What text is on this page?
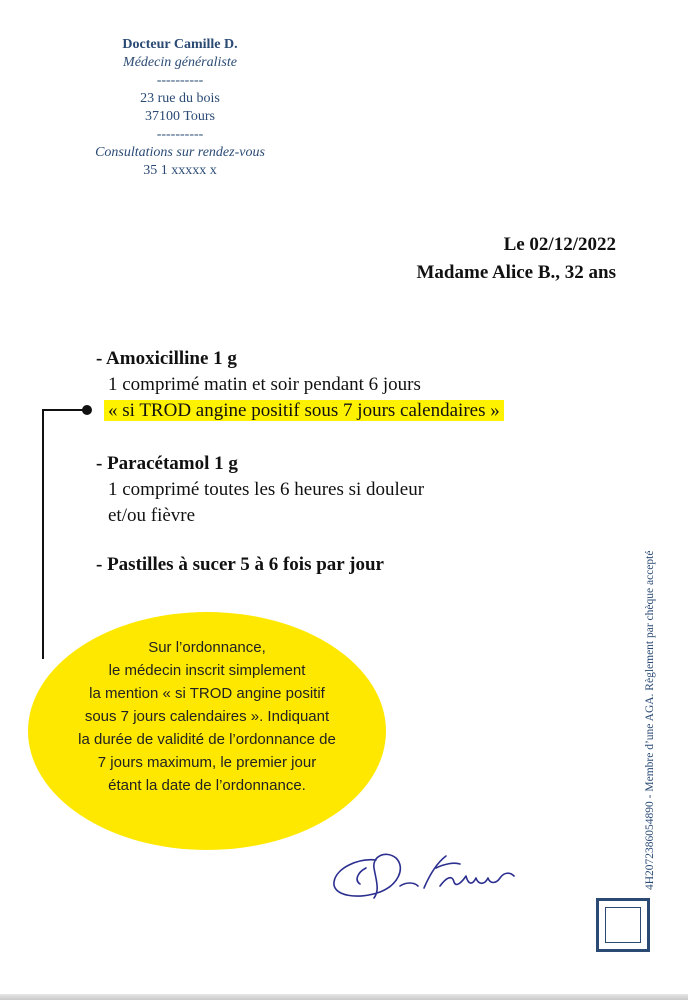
Docteur Camille D.
Médecin généraliste
----------
23 rue du bois
37100 Tours
----------
Consultations sur rendez-vous
35 1 xxxxx x
Le 02/12/2022
Madame Alice B., 32 ans
- Amoxicilline 1 g
1 comprimé matin et soir pendant 6 jours
« si TROD angine positif sous 7 jours calendaires »
- Paracétamol 1 g
1 comprimé toutes les 6 heures si douleur
et/ou fièvre
- Pastilles à sucer 5 à 6 fois par jour
Sur l’ordonnance,
le médecin inscrit simplement
la mention « si TROD angine positif
sous 7 jours calendaires ». Indiquant
la durée de validité de l’ordonnance de
7 jours maximum, le premier jour
étant la date de l’ordonnance.	4H2072386054890 - Membre d’une AGA. Règlement par chèque accepté
